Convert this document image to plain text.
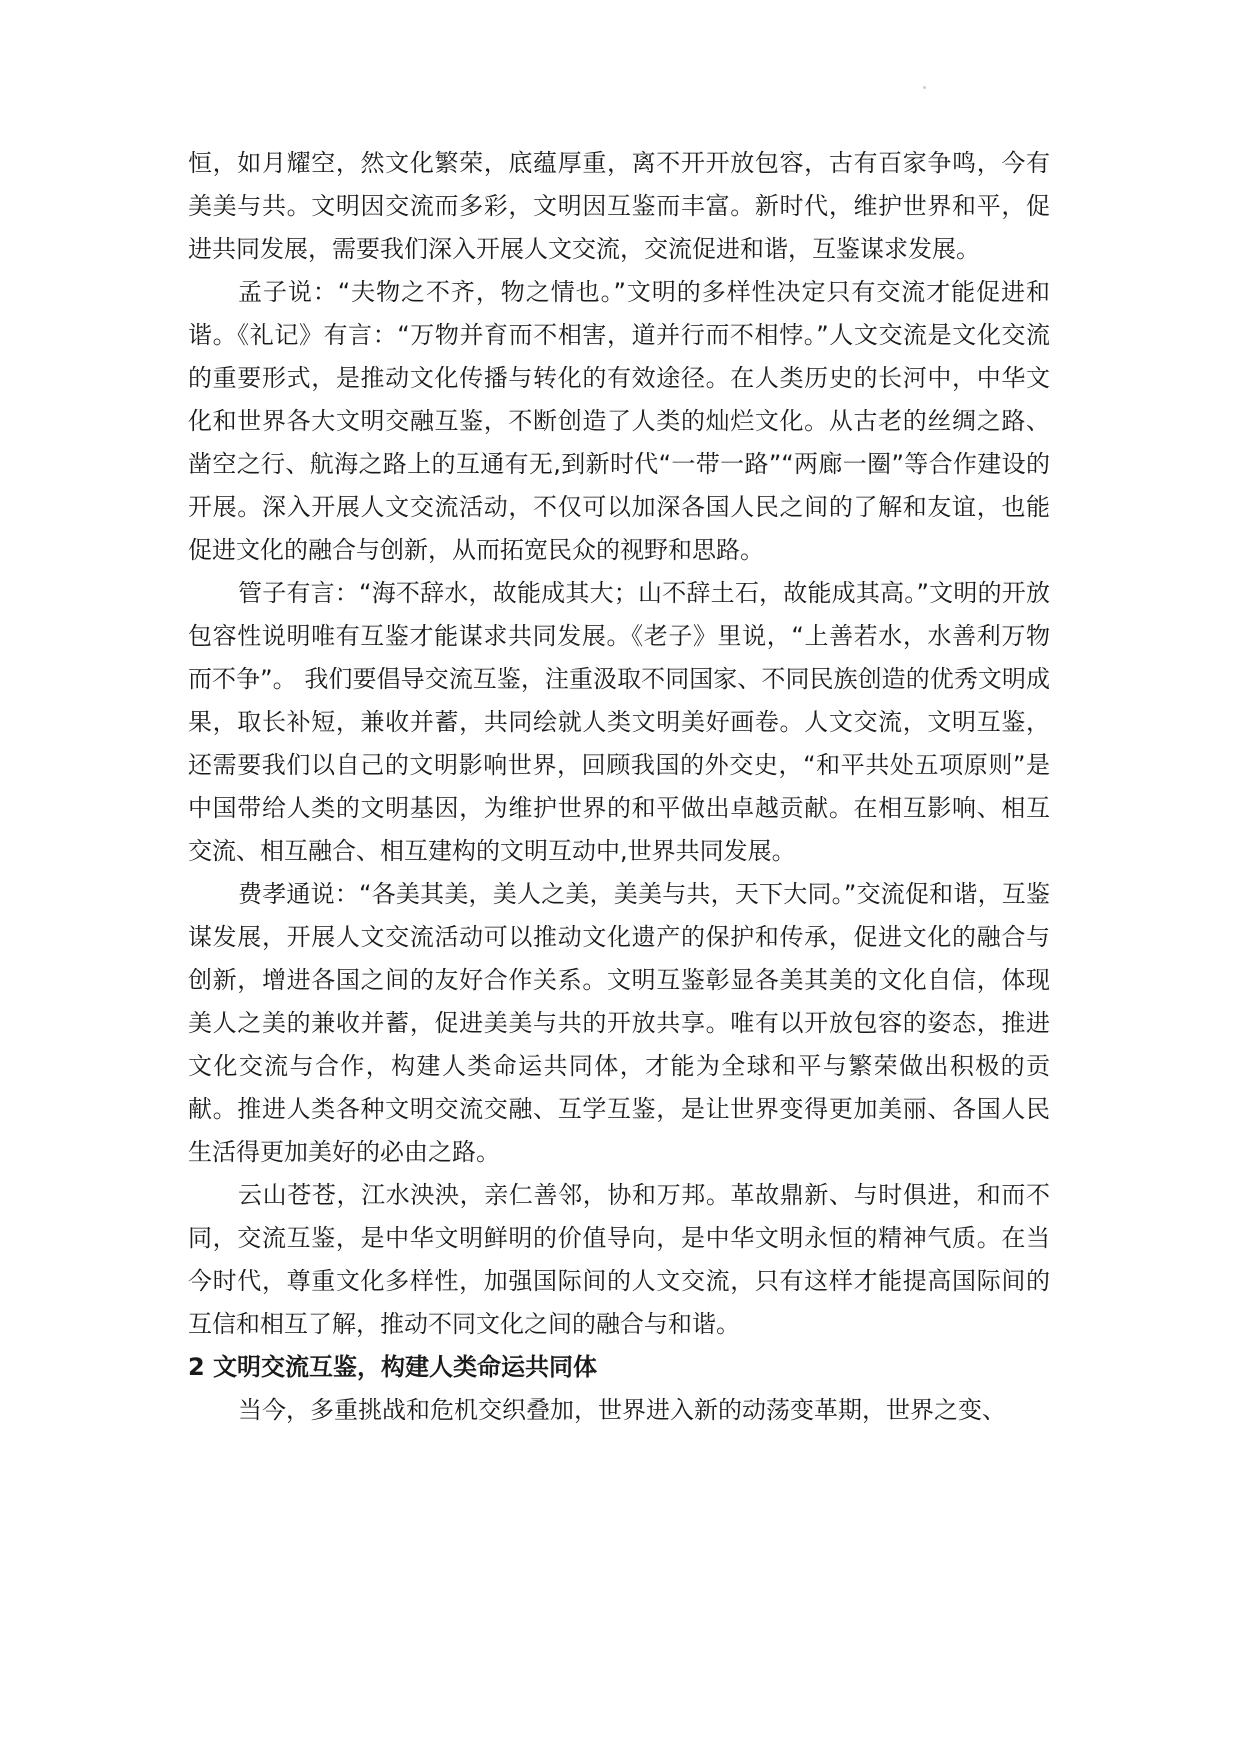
恒，如月耀空，然文化繁荣，底蕴厚重，离不开开放包容，古有百家争鸣，今有美美与共。文明因交流而多彩，文明因互鉴而丰富。新时代，维护世界和平，促进共同发展，需要我们深入开展人文交流，交流促进和谐，互鉴谋求发展。

孟子说：“夫物之不齐，物之情也。”文明的多样性决定只有交流才能促进和谐。《礼记》有言：“万物并育而不相害，道并行而不相悖。”人文交流是文化交流的重要形式，是推动文化传播与转化的有效途径。在人类历史的长河中，中华文化和世界各大文明交融互鉴，不断创造了人类的灿烂文化。从古老的丝绸之路、凿空之行、航海之路上的互通有无,到新时代“一带一路”“两廊一圈”等合作建设的开展。深入开展人文交流活动，不仅可以加深各国人民之间的了解和友谊，也能促进文化的融合与创新，从而拓宽民众的视野和思路。

管子有言：“海不辞水，故能成其大；山不辞土石，故能成其高。”文明的开放包容性说明唯有互鉴才能谋求共同发展。《老子》里说，“上善若水，水善利万物而不争”。 我们要倡导交流互鉴，注重汲取不同国家、不同民族创造的优秀文明成果，取长补短，兼收并蓄，共同绘就人类文明美好画卷。人文交流，文明互鉴，还需要我们以自己的文明影响世界，回顾我国的外交史，“和平共处五项原则”是中国带给人类的文明基因，为维护世界的和平做出卓越贡献。在相互影响、相互交流、相互融合、相互建构的文明互动中,世界共同发展。

费孝通说：“各美其美，美人之美，美美与共，天下大同。”交流促和谐，互鉴谋发展，开展人文交流活动可以推动文化遗产的保护和传承，促进文化的融合与创新，增进各国之间的友好合作关系。文明互鉴彰显各美其美的文化自信，体现美人之美的兼收并蓄，促进美美与共的开放共享。唯有以开放包容的姿态，推进文化交流与合作，构建人类命运共同体，才能为全球和平与繁荣做出积极的贡献。推进人类各种文明交流交融、互学互鉴，是让世界变得更加美丽、各国人民生活得更加美好的必由之路。

云山苍苍，江水泱泱，亲仁善邻，协和万邦。革故鼎新、与时俱进，和而不同，交流互鉴，是中华文明鲜明的价值导向，是中华文明永恒的精神气质。在当今时代，尊重文化多样性，加强国际间的人文交流，只有这样才能提高国际间的互信和相互了解，推动不同文化之间的融合与和谐。

2 文明交流互鉴，构建人类命运共同体

当今，多重挑战和危机交织叠加，世界进入新的动荡变革期，世界之变、
